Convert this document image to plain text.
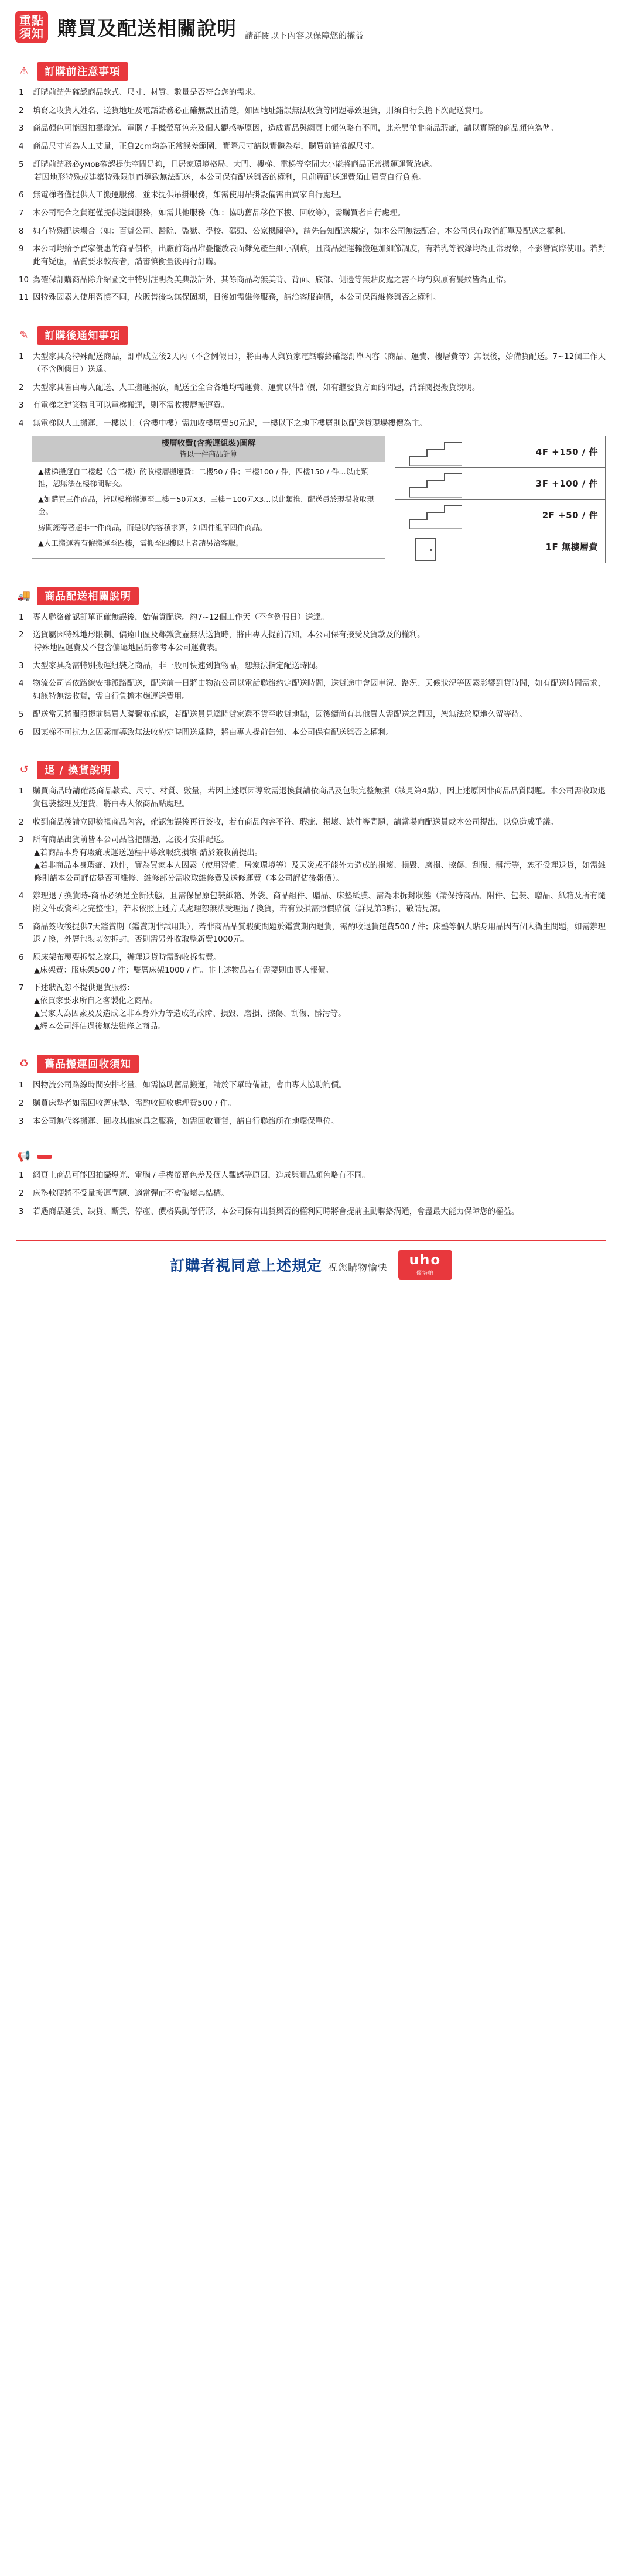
重點
須知 購買及配送相關說明 請詳閱以下內容以保障您的權益
⚠	訂購前注意事項
1 訂購前請先確認商品款式、尺寸、材質、數量是否符合您的需求。
2 填寫之收貨人姓名、送貨地址及電話請務必正確無誤且清楚，如因地址錯誤無法收貨等問題導致退貨，則須自行負擔下次配送費用。
3 商品顏色可能因拍攝燈光、電腦 / 手機螢幕色差及個人觀感等原因，造成實品與網頁上顏色略有不同，此差異並非商品瑕疵，請以實際的商品顏色為準。
4 商品尺寸皆為人工丈量，正負2cm均為正常誤差範圍，實際尺寸請以實體為準，購買前請確認尺寸。
5 訂購前請務必умов確認提供空間足夠，且居家環境格局、大門、樓梯、電梯等空間大小能將商品正常搬運運置放處。
若因地形特殊或建築特殊限制而導致無法配送，本公司保有配送與否的權利，且前篇配送運費須由買賣自行負擔。
6 無電梯者僅提供人工搬運服務，並未提供吊掛服務，如需使用吊掛設備需由買家自行處理。
7 本公司配合之貨運僅提供送貨服務，如需其他服務（如：協助舊品移位下樓、回收等），需購買者自行處理。
8 如有特殊配送場合（如：百貨公司、醫院、監獄、學校、碼頭、公家機關等），請先告知配送規定，如本公司無法配合，本公司保有取消訂單及配送之權利。
9 本公司均給予買家優惠的商品價格，出廠前商品堆疊擺放表面難免產生細小刮痕，且商品經運輸搬運加細節調度，有若乳等被錄均為正常現象，不影響實際使用。若對此有疑慮，品質要求較高者，請審慎衡量後再行訂購。
10 為確保訂購商品除介紹圖文中特別註明為美典設計外，其餘商品均無美背、背面、底部、側邊等無貼皮處之霧不均勻與原有髮紋皆為正常。
11 因特殊因素人使用習慣不同，故販售後均無保固期，日後如需維修服務，請洽客服詢價，本公司保留維修與否之權利。
✎	訂購後通知事項
1 大型家具為特殊配送商品，訂單成立後2天內（不含例假日），將由專人與買家電話聯絡確認訂單內容（商品、運費、樓層費等）無誤後，始備貨配送。7~12個工作天（不含例假日）送達。
2 大型家具皆由專人配送、人工搬運擺放，配送至全台各地均需運費、運費以件計價，如有繼娶貨方面的問題，請詳閱提搬貨說明。
3 有電梯之建築物且可以電梯搬運，則不需收樓層搬運費。
4 無電梯以人工搬運，一樓以上（含樓中樓）需加收樓層費50元起，一樓以下之地下樓層則以配送貨現場樓價為主。
樓層收費(含搬運組裝)圖解
皆以一件商品計算

▲樓梯搬運自二樓起（含二樓）酌收樓層搬運費：二樓50 / 件；三樓100 / 件，四樓150 / 件...以此類推，恕無法在樓梯間點交。

▲如購買三件商品，皆以樓梯搬運至二樓＝50元X3、三樓＝100元X3...以此類推、配送員於現場收取現金。

房間經等著超非一件商品，而是以內容積求算，如四件組單四件商品。

▲人工搬運若有僱搬運至四樓，需搬至四樓以上者請另洽客服。

4F +150 / 件
3F +100 / 件
2F +50 / 件
1F 無樓層費
🚚	商品配送相關說明
1 專人聯絡確認訂單正確無誤後，始備貨配送。約7~12個工作天（不含例假日）送達。
2 送貨屬因特殊地形限制、偏遠山區及鄰鐵貨壺無法送貨時，將由專人提前告知，本公司保有接受及貨款及的權利。
特殊地區運費及不包含偏遠地區請參考本公司運費表。
3 大型家具為需特別搬運組裝之商品，非一般可快速到貨物品，恕無法指定配送時間。
4 物流公司皆依路線安排派路配送，配送前一日將由物流公司以電話聯絡約定配送時間，送貨途中會因車況、路況、天候狀況等因素影響到貨時間，如有配送時間需求，如該特無法收貨，需自行負擔本趟運送費用。
5 配送當天將關照提前與買人聯繫並確認，若配送員見達時貨家還不貨至收貨地點，因後續尚有其他買人需配送之問因，恕無法於原地久留等待。
6 因某梯不可抗力之因素而導致無法收約定時間送達時，將由專人提前告知、本公司保有配送與否之權利。
↺	退 / 換貨說明
1 購買商品時請確認商品款式、尺寸、材質、數量，若因上述原因導致需退換貨請依商品及包裝完整無損（該見第4點），因上述原因非商品品質問題。本公司需收取退貨包裝整理及運費，將由專人依商品點處理。
2 收到商品後請立即檢視商品內容，確認無誤後再行簽收，若有商品內容不符、瑕疵、損壞、缺件等問題，請當場向配送員或本公司提出，以免造成爭議。
3 所有商品出貨前皆本公司品管把關過，之後才安排配送。
▲若商品本身有瑕疵或運送過程中導致瑕疵損壞-請於簽收前提出。
▲若非商品本身瑕疵、缺件，實為買家本人因素（使用習慣、居家環境等）及天災或不能外力造成的損壞、損毀、磨損、擦傷、刮傷、髒污等，恕不受理退貨，如需維修則請本公司評估是否可維修、維修部分需收取維修費及送修運費（本公司評估後報價）。
4 辦理退 / 換貨時-商品必須是全新狀態，且需保留原包裝紙箱、外袋、商品組件、贈品、床墊紙膜、需為未拆封狀態（請保持商品、附件、包裝、贈品、紙箱及所有隨附文件或資料之完整性），若未依照上述方式處理恕無法受理退 / 換貨，若有毀損需照價賠償（詳見第3點），敬請見諒。
5 商品簽收後提供7天鑑賞期（鑑賞期非試用期），若非商品品質瑕疵問題於鑑賞期內退貨，需酌收退貨運費500 / 件；床墊等個人貼身用品因有個人衛生問題，如需辦理退 / 換，外層包裝切勿拆封，否則需另外收取整新費1000元。
6 原床架布覆要拆裝之家具，辦理退貨時需酌收拆裝費。
▲床架費：服床架500 / 件；雙層床架1000 / 件。非上述物品若有需要則由專人報價。
7 下述狀況恕不提供退貨服務：
▲依買家要求所自之客製化之商品。
▲買家人為因素及及造成之非本身外力等造成的故障、損毀、磨損、擦傷、刮傷、髒污等。
▲經本公司評估過後無法維修之商品。
♻	舊品搬運回收須知
1 因物流公司路線時間安排考量，如需協助舊品搬運，請於下單時備註，會由專人協助詢價。
2 購買床墊者如需回收舊床墊、需酌收回收處理費500 / 件。
3 本公司無代客搬運、回收其他家具之服務，如需回收實貨，請自行聯絡所在地環保單位。
📢
1 網頁上商品可能因拍攝燈光、電腦 / 手機螢幕色差及個人觀感等原因，造成與實品顏色略有不同。
2 床墊軟硬將不受量搬運問題、適當彈而不會破壞其結構。
3 若遇商品延貨、缺貨、斷貨、停產、價格異動等情形，本公司保有出貨與否的權利同時將會提前主動聯絡溝通，會盡最大能力保障您的權益。
訂購者視同意上述規定 祝您購物愉快 uho
優洛帕
